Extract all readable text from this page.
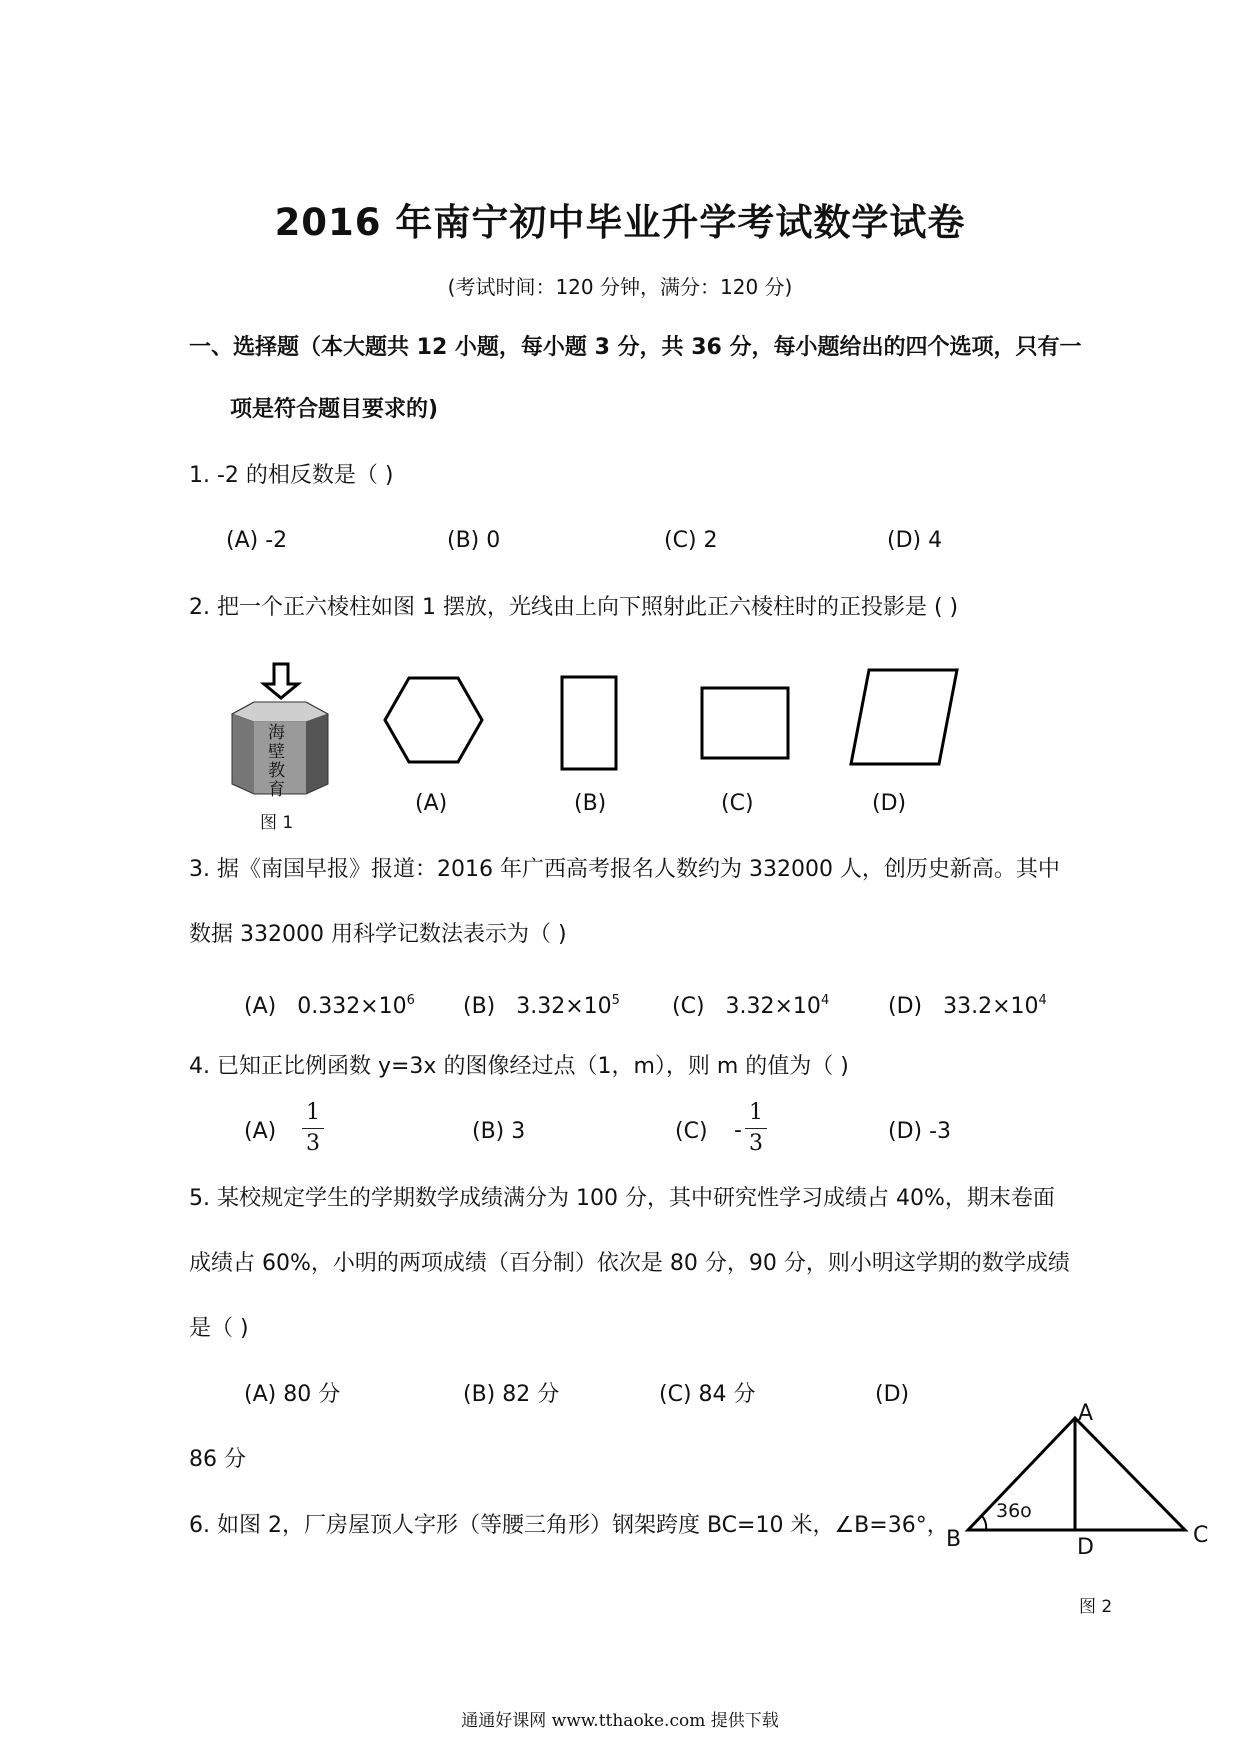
2016 年南宁初中毕业升学考试数学试卷
(考试时间：120 分钟，满分：120 分)
一、选择题（本大题共 12 小题，每小题 3 分，共 36 分，每小题给出的四个选项，只有一
项是符合题目要求的)
1. -2 的相反数是（ )
(A) -2	(B) 0	(C) 2	(D) 4
2. 把一个正六棱柱如图 1 摆放，光线由上向下照射此正六棱柱时的正投影是 ( )
海
壁
教
育
图 1
(A)	(B)	(C)	(D)
3. 据《南国早报》报道：2016 年广西高考报名人数约为 332000 人，创历史新高。其中
数据 332000 用科学记数法表示为（ )
(A) $0.332\times 10^6$ (B) $3.32\times 10^5$ (C) $3.32\times 10^4$	(D) $33.2\times 10^4$
4. 已知正比例函数 y=3x 的图像经过点（1，m），则 m 的值为（ )
(A)
1
3	(B) 3	(C) -
1
3	(D) -3
5. 某校规定学生的学期数学成绩满分为 100 分，其中研究性学习成绩占 40%，期末卷面
成绩占 60%，小明的两项成绩（百分制）依次是 80 分，90 分，则小明这学期的数学成绩
是（ )
(A) 80 分	(B) 82 分	(C) 84 分	(D)
86 分
6. 如图 2，厂房屋顶人字形（等腰三角形）钢架跨度 BC=10 米，∠B=36°，
A
B	C
D
36o
图 2
通通好课网 www.tthaoke.com 提供下载
